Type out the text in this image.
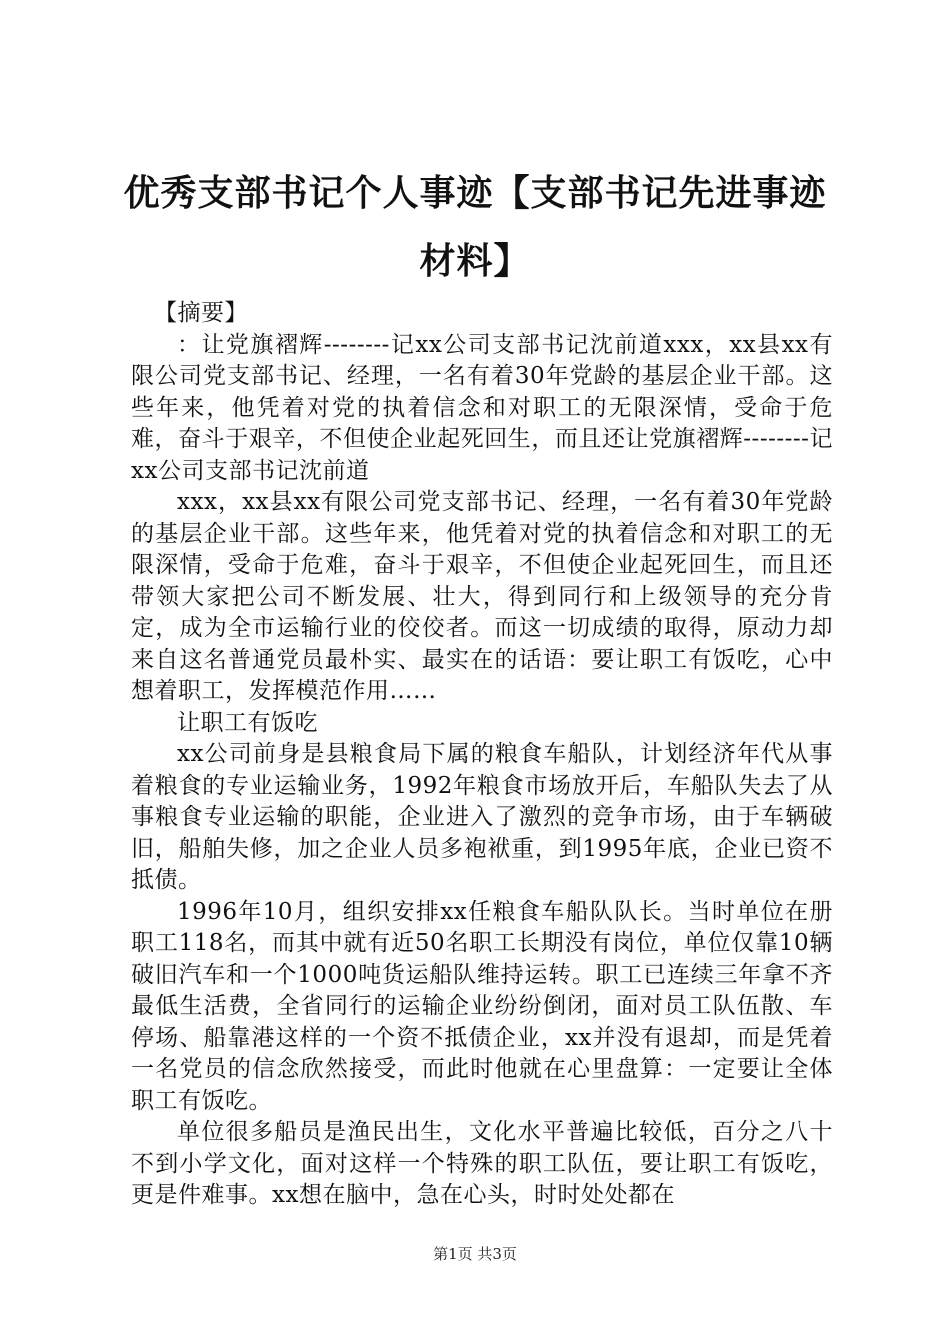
优秀支部书记个人事迹【支部书记先进事迹材料】

【摘要】

：让党旗褶辉--------记xx公司支部书记沈前道xxx，xx县xx有限公司党支部书记、经理，一名有着30年党龄的基层企业干部。这些年来，他凭着对党的执着信念和对职工的无限深情，受命于危难，奋斗于艰辛，不但使企业起死回生，而且还让党旗褶辉--------记xx公司支部书记沈前道

xxx，xx县xx有限公司党支部书记、经理，一名有着30年党龄的基层企业干部。这些年来，他凭着对党的执着信念和对职工的无限深情，受命于危难，奋斗于艰辛，不但使企业起死回生，而且还带领大家把公司不断发展、壮大，得到同行和上级领导的充分肯定，成为全市运输行业的佼佼者。而这一切成绩的取得，原动力却来自这名普通党员最朴实、最实在的话语：要让职工有饭吃，心中想着职工，发挥模范作用……

让职工有饭吃

xx公司前身是县粮食局下属的粮食车船队，计划经济年代从事着粮食的专业运输业务，1992年粮食市场放开后，车船队失去了从事粮食专业运输的职能，企业进入了激烈的竞争市场，由于车辆破旧，船舶失修，加之企业人员多袍袱重，到1995年底，企业已资不抵债。

1996年10月，组织安排xx任粮食车船队队长。当时单位在册职工118名，而其中就有近50名职工长期没有岗位，单位仅靠10辆破旧汽车和一个1000吨货运船队维持运转。职工已连续三年拿不齐最低生活费，全省同行的运输企业纷纷倒闭，面对员工队伍散、车停场、船靠港这样的一个资不抵债企业，xx并没有退却，而是凭着一名党员的信念欣然接受，而此时他就在心里盘算：一定要让全体职工有饭吃。

单位很多船员是渔民出生，文化水平普遍比较低，百分之八十不到小学文化，面对这样一个特殊的职工队伍，要让职工有饭吃，更是件难事。xx想在脑中，急在心头，时时处处都在

第1页 共3页
